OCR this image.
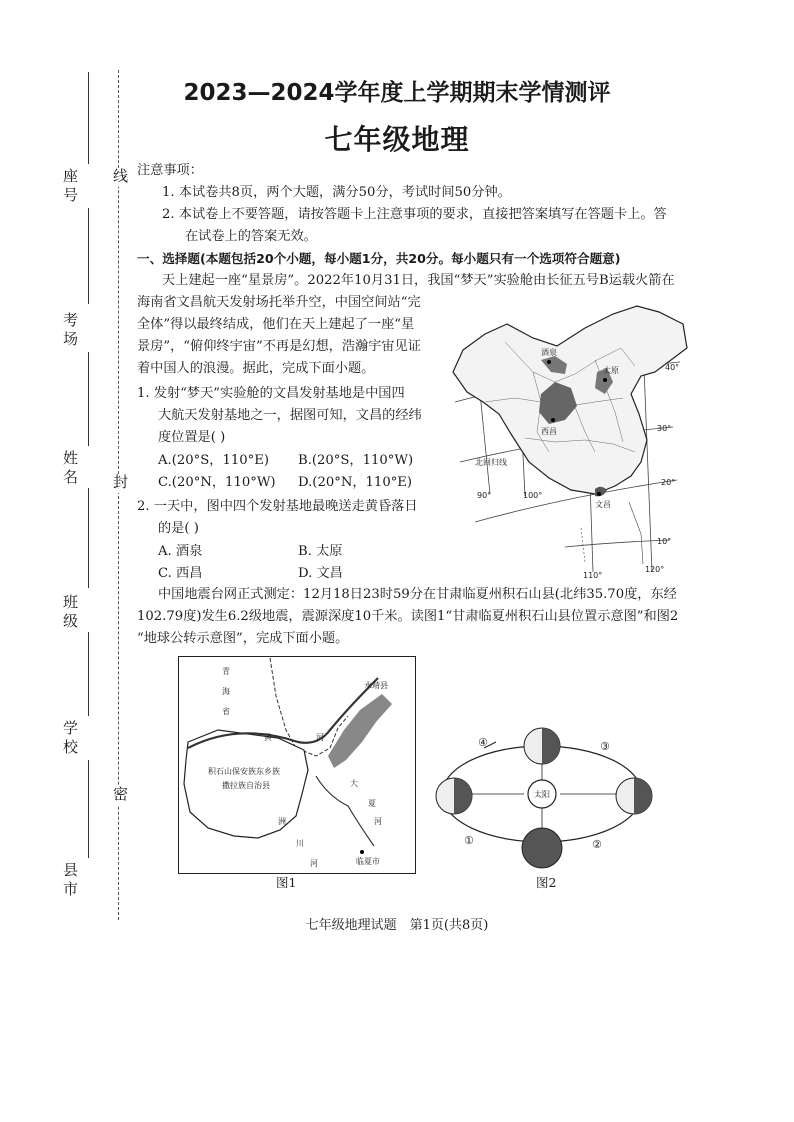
座号
考场
姓名
班级
学校
县市
线
封
密
2023—2024学年度上学期期末学情测评
七年级地理
注意事项：
1. 本试卷共8页，两个大题，满分50分，考试时间50分钟。
2. 本试卷上不要答题，请按答题卡上注意事项的要求，直接把答案填写在答题卡上。答
在试卷上的答案无效。
一、选择题(本题包括20个小题，每小题1分，共20分。每小题只有一个选项符合题意)
天上建起一座“星景房”。2022年10月31日，我国“梦天”实验舱由长征五号B运载火箭在
海南省文昌航天发射场托举升空，中国空间站“完
全体”得以最终结成，他们在天上建起了一座“星
景房”，“俯仰终宇宙”不再是幻想，浩瀚宇宙见证
着中国人的浪漫。据此，完成下面小题。
1. 发射“梦天”实验舱的文昌发射基地是中国四
大航天发射基地之一，据图可知，文昌的经纬
度位置是( )
A.(20°S，110°E) B.(20°S，110°W)
C.(20°N，110°W) D.(20°N，110°E)
2. 一天中，图中四个发射基地最晚送走黄昏落日
的是( )
A. 酒泉	B. 太原
C. 西昌	D. 文昌
酒泉
太原
西昌
文昌
北回归线
40°
30°
20°
10°
90°	100°
110°
120°
中国地震台网正式测定：12月18日23时59分在甘肃临夏州积石山县(北纬35.70度，东经
102.79度)发生6.2级地震，震源深度10千米。读图1“甘肃临夏州积石山县位置示意图”和图2
“地球公转示意图”，完成下面小题。
青
海
省
永靖县
积石山保安族东乡族
撒拉族自治县
黄	河
大
夏
河
洲
川
河	临夏市
图1
太阳
④	③
①	②
图2
七年级地理试题　第1页(共8页)
